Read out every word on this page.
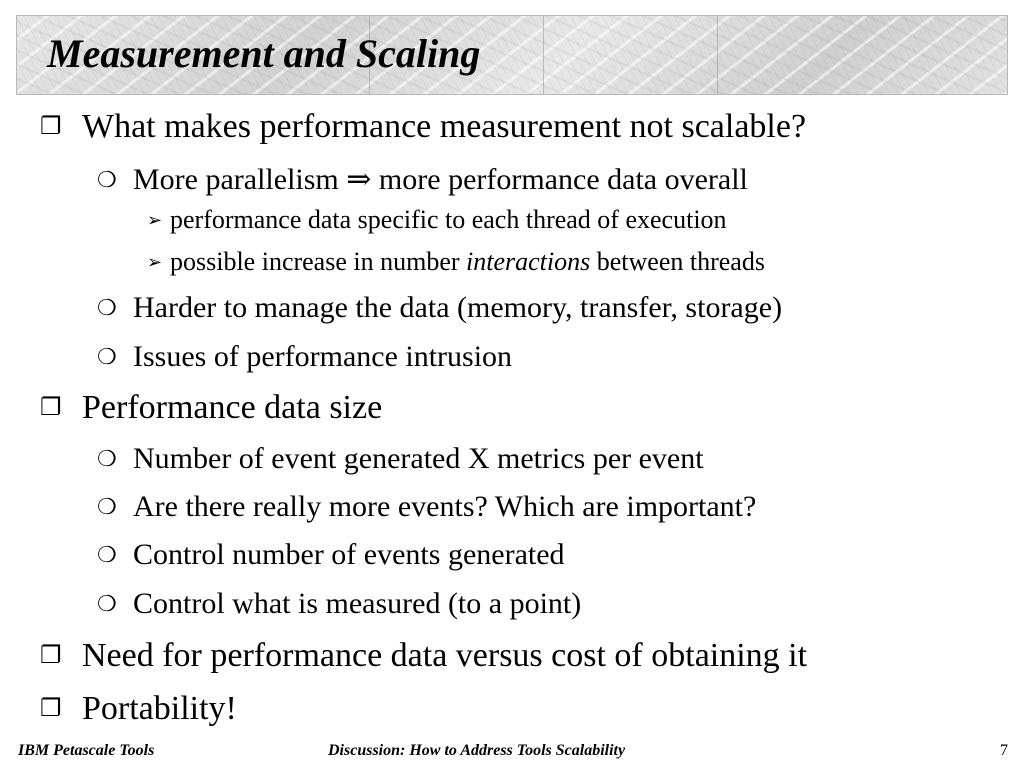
Measurement and Scaling
❐ What makes performance measurement not scalable?
❍ More parallelism ⇒ more performance data overall
➢ performance data specific to each thread of execution
➢ possible increase in number interactions between threads
❍ Harder to manage the data (memory, transfer, storage)
❍ Issues of performance intrusion
❐ Performance data size
❍ Number of event generated X metrics per event
❍ Are there really more events? Which are important?
❍ Control number of events generated
❍ Control what is measured (to a point)
❐ Need for performance data versus cost of obtaining it
❐ Portability!
IBM Petascale Tools	Discussion: How to Address Tools Scalability	7
